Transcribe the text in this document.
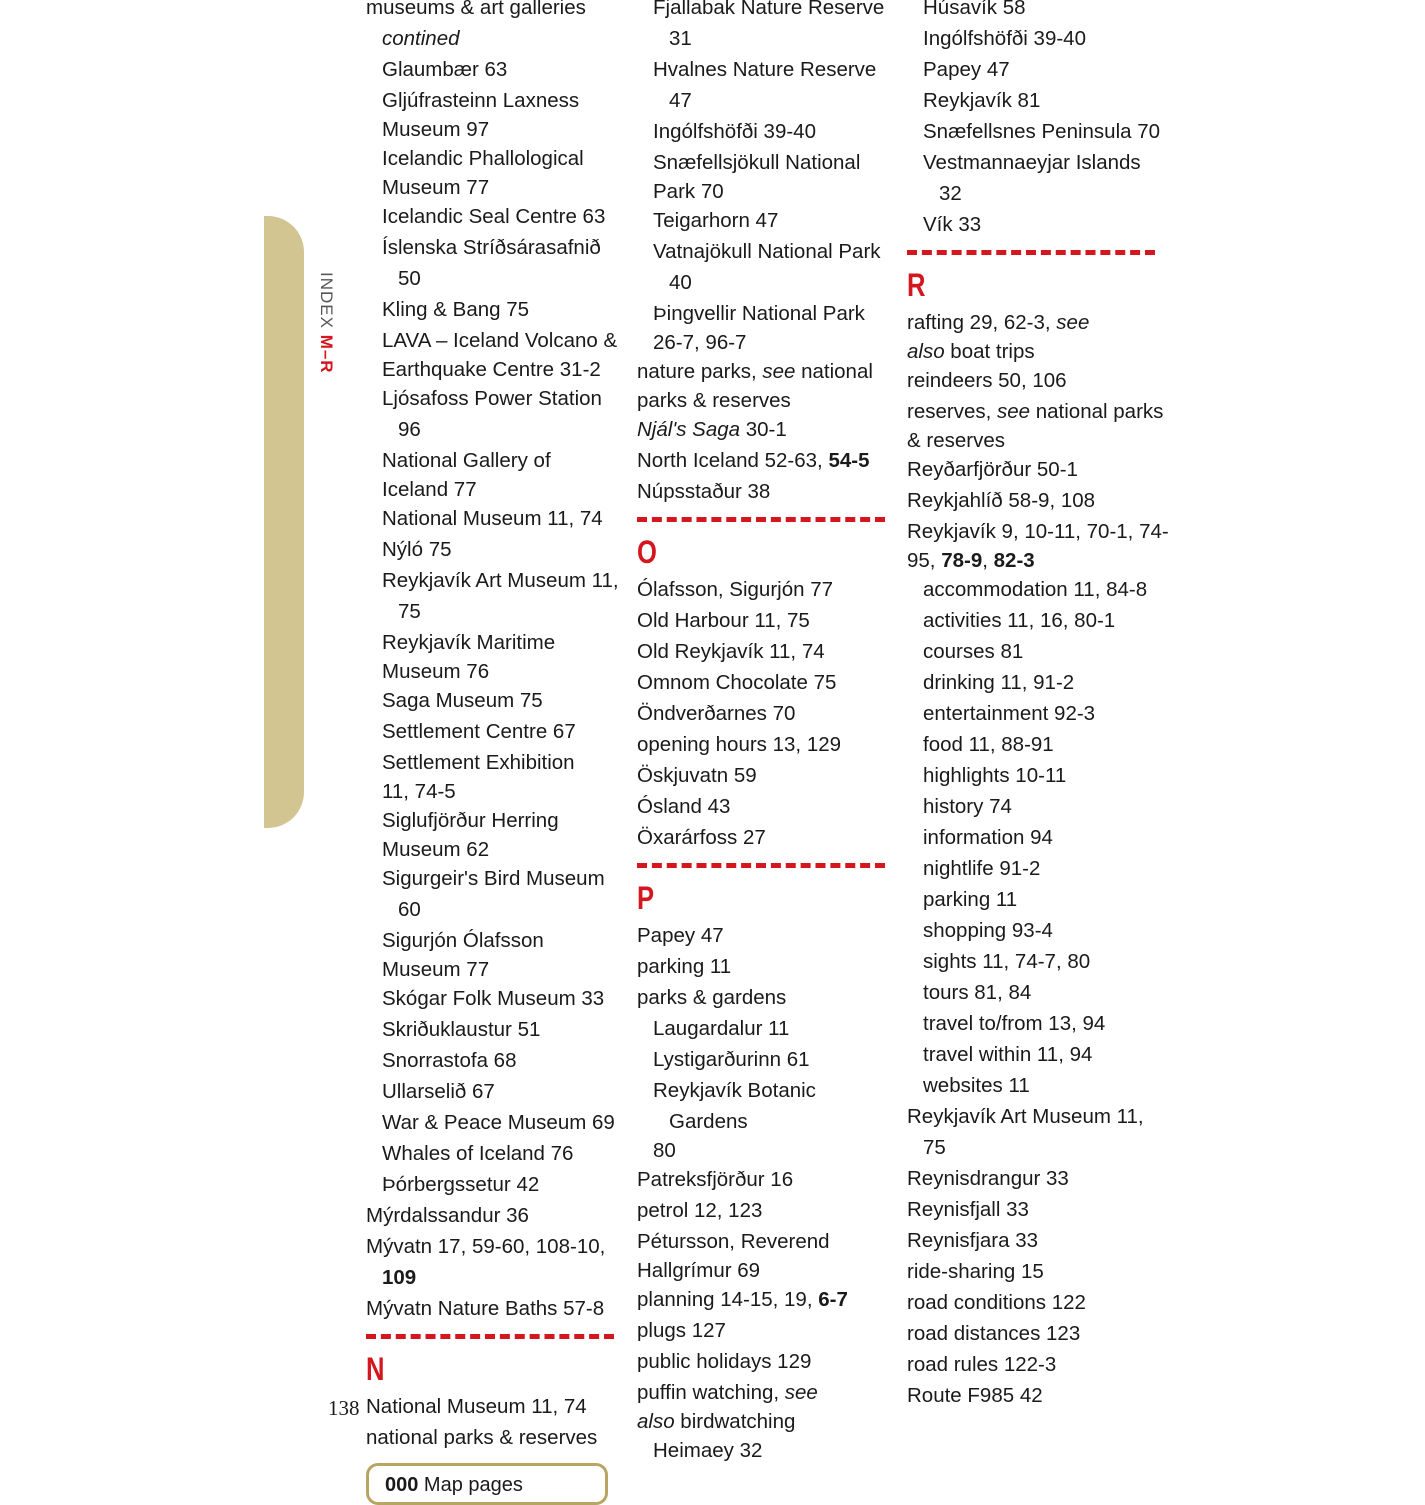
INDEX M–R
museums & art galleries
contined
Glaumbær 63
Gljúfrasteinn Laxness
Museum 97
Icelandic Phallological
Museum 77
Icelandic Seal Centre 63
Íslenska Stríðsárasafnið 50
Kling & Bang 75
LAVA – Iceland Volcano &
Earthquake Centre 31-2
Ljósafoss Power Station 96
National Gallery of
Iceland 77
National Museum 11, 74
Nýló 75
Reykjavík Art Museum 11, 75
Reykjavík Maritime
Museum 76
Saga Museum 75
Settlement Centre 67
Settlement Exhibition
11, 74-5
Siglufjörður Herring
Museum 62
Sigurgeir's Bird Museum 60
Sigurjón Ólafsson
Museum 77
Skógar Folk Museum 33
Skriðuklaustur 51
Snorrastofa 68
Ullarselið 67
War & Peace Museum 69
Whales of Iceland 76
Þórbergssetur 42
Mýrdalssandur 36
Mývatn 17, 59-60, 108-10, 109
Mývatn Nature Baths 57-8
N
National Museum 11, 74
national parks & reserves
000 Map pages
Fjallabak Nature Reserve 31
Hvalnes Nature Reserve 47
Ingólfshöfði 39-40
Snæfellsjökull National
Park 70
Teigarhorn 47
Vatnajökull National Park 40
Þingvellir National Park
26-7, 96-7
nature parks, see national
parks & reserves
Njál's Saga 30-1
North Iceland 52-63, 54-5
Núpsstaður 38
O
Ólafsson, Sigurjón 77
Old Harbour 11, 75
Old Reykjavík 11, 74
Omnom Chocolate 75
Öndverðarnes 70
opening hours 13, 129
Öskjuvatn 59
Ósland 43
Öxarárfoss 27
P
Papey 47
parking 11
parks & gardens
Laugardalur 11
Lystigarðurinn 61
Reykjavík Botanic Gardens
80
Patreksfjörður 16
petrol 12, 123
Pétursson, Reverend
Hallgrímur 69
planning 14-15, 19, 6-7
plugs 127
public holidays 129
puffin watching, see
also birdwatching
Heimaey 32
Húsavík 58
Ingólfshöfði 39-40
Papey 47
Reykjavík 81
Snæfellsnes Peninsula 70
Vestmannaeyjar Islands 32
Vík 33
R
rafting 29, 62-3, see
also boat trips
reindeers 50, 106
reserves, see national parks
& reserves
Reyðarfjörður 50-1
Reykjahlíð 58-9, 108
Reykjavík 9, 10-11, 70-1, 74-
95, 78-9, 82-3
accommodation 11, 84-8
activities 11, 16, 80-1
courses 81
drinking 11, 91-2
entertainment 92-3
food 11, 88-91
highlights 10-11
history 74
information 94
nightlife 91-2
parking 11
shopping 93-4
sights 11, 74-7, 80
tours 81, 84
travel to/from 13, 94
travel within 11, 94
websites 11
Reykjavík Art Museum 11, 75
Reynisdrangur 33
Reynisfjall 33
Reynisfjara 33
ride-sharing 15
road conditions 122
road distances 123
road rules 122-3
Route F985 42
138
